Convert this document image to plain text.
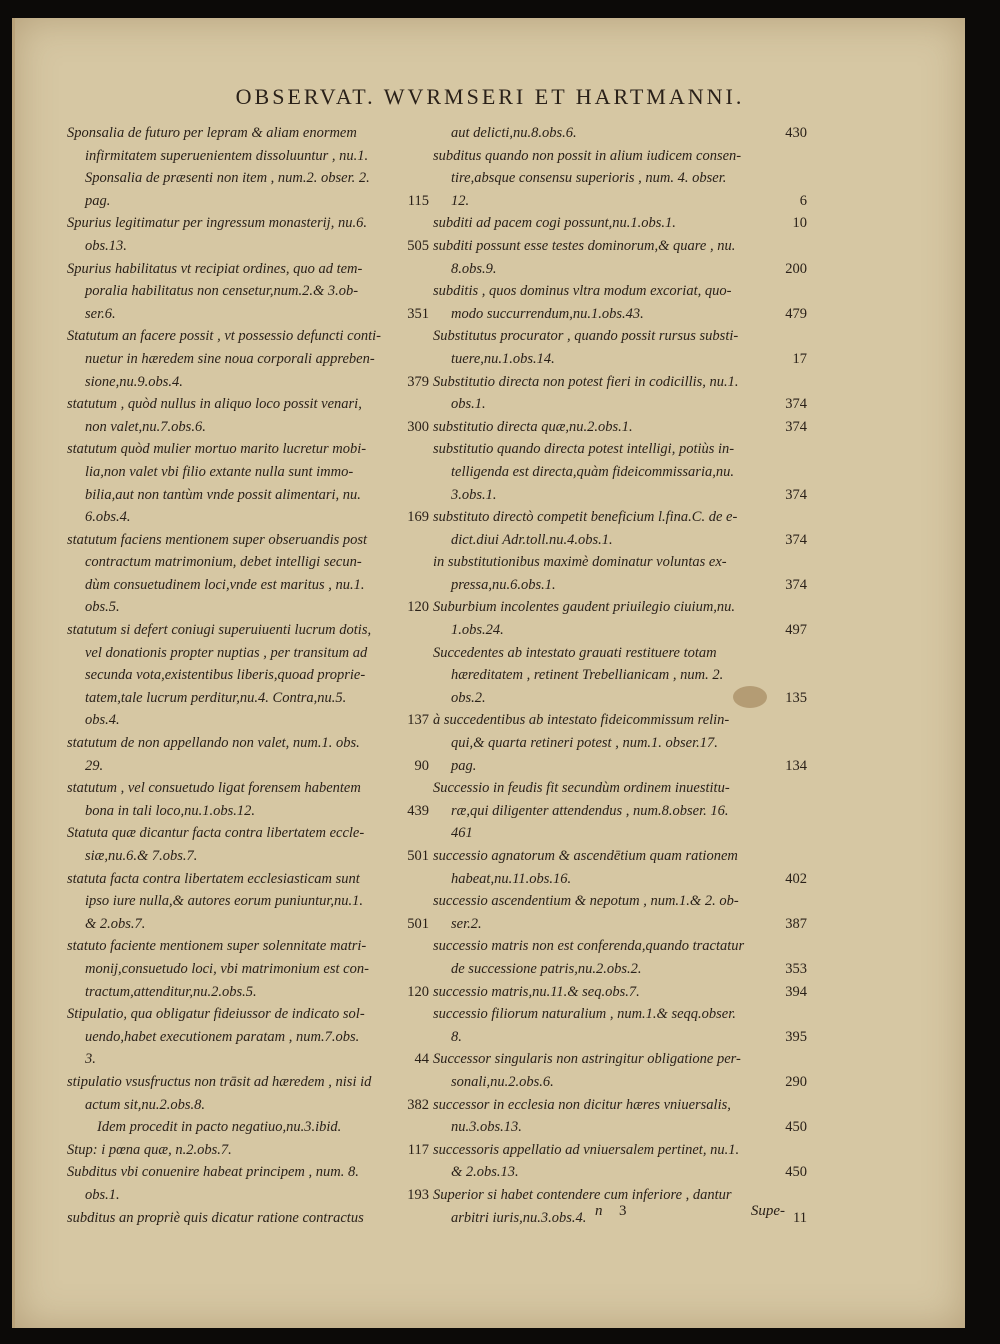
OBSERVAT. WVRMSERI ET HARTMANNI.
Sponsalia de futuro per lepram & aliam enormem
infirmitatem superuenientem dissoluuntur , nu.1.
Sponsalia de præsenti non item , num.2. obser. 2.
pag.	115
Spurius legitimatur per ingressum monasterij, nu.6.
obs.13.	505
Spurius habilitatus vt recipiat ordines, quo ad tem-
poralia habilitatus non censetur,num.2.& 3.ob-
ser.6.	351
Statutum an facere possit , vt possessio defuncti conti-
nuetur in hæredem sine noua corporali appreben-
sione,nu.9.obs.4.	379
statutum , quòd nullus in aliquo loco possit venari,
non valet,nu.7.obs.6.	300
statutum quòd mulier mortuo marito lucretur mobi-
lia,non valet vbi filio extante nulla sunt immo-
bilia,aut non tantùm vnde possit alimentari, nu.
6.obs.4.	169
statutum faciens mentionem super obseruandis post
contractum matrimonium, debet intelligi secun-
dùm consuetudinem loci,vnde est maritus , nu.1.
obs.5.	120
statutum si defert coniugi superuiuenti lucrum dotis,
vel donationis propter nuptias , per transitum ad
secunda vota,existentibus liberis,quoad proprie-
tatem,tale lucrum perditur,nu.4. Contra,nu.5.
obs.4.	137
statutum de non appellando non valet, num.1. obs.
29.	90
statutum , vel consuetudo ligat forensem habentem
bona in tali loco,nu.1.obs.12.	439
Statuta quæ dicantur facta contra libertatem eccle-
siæ,nu.6.& 7.obs.7.	501
statuta facta contra libertatem ecclesiasticam sunt
ipso iure nulla,& autores eorum puniuntur,nu.1.
& 2.obs.7.	501
statuto faciente mentionem super solennitate matri-
monij,consuetudo loci, vbi matrimonium est con-
tractum,attenditur,nu.2.obs.5.	120
Stipulatio, qua obligatur fideiussor de indicato sol-
uendo,habet executionem paratam , num.7.obs.
3.	44
stipulatio vsusfructus non trāsit ad hæredem , nisi id
actum sit,nu.2.obs.8.	382
Idem procedit in pacto negatiuo,nu.3.ibid.
Stup: i pœna quæ, n.2.obs.7.	117
Subditus vbi conuenire habeat principem , num. 8.
obs.1.	193
subditus an propriè quis dicatur ratione contractus
aut delicti,nu.8.obs.6.	430
subditus quando non possit in alium iudicem consen-
tire,absque consensu superioris , num. 4. obser.
12.	6
subditi ad pacem cogi possunt,nu.1.obs.1.	10
subditi possunt esse testes dominorum,& quare , nu.
8.obs.9.	200
subditis , quos dominus vltra modum excoriat, quo-
modo succurrendum,nu.1.obs.43.	479
Substitutus procurator , quando possit rursus substi-
tuere,nu.1.obs.14.	17
Substitutio directa non potest fieri in codicillis, nu.1.
obs.1.	374
substitutio directa quæ,nu.2.obs.1.	374
substitutio quando directa potest intelligi, potiùs in-
telligenda est directa,quàm fideicommissaria,nu.
3.obs.1.	374
substituto directò competit beneficium l.fina.C. de e-
dict.diui Adr.toll.nu.4.obs.1.	374
in substitutionibus maximè dominatur voluntas ex-
pressa,nu.6.obs.1.	374
Suburbium incolentes gaudent priuilegio ciuium,nu.
1.obs.24.	497
Succedentes ab intestato grauati restituere totam
hæreditatem , retinent Trebellianicam , num. 2.
obs.2.	135
à succedentibus ab intestato fideicommissum relin-
qui,& quarta retineri potest , num.1. obser.17.
pag.	134
Successio in feudis fit secundùm ordinem inuestitu-
ræ,qui diligenter attendendus , num.8.obser. 16.
461
successio agnatorum & ascendētium quam rationem
habeat,nu.11.obs.16.	402
successio ascendentium & nepotum , num.1.& 2. ob-
ser.2.	387
successio matris non est conferenda,quando tractatur
de successione patris,nu.2.obs.2.	353
successio matris,nu.11.& seq.obs.7.	394
successio filiorum naturalium , num.1.& seqq.obser.
8.	395
Successor singularis non astringitur obligatione per-
sonali,nu.2.obs.6.	290
successor in ecclesia non dicitur hæres vniuersalis,
nu.3.obs.13.	450
successoris appellatio ad vniuersalem pertinet, nu.1.
& 2.obs.13.	450
Superior si habet contendere cum inferiore , dantur
arbitri iuris,nu.3.obs.4.	11
n 3	Supe-
